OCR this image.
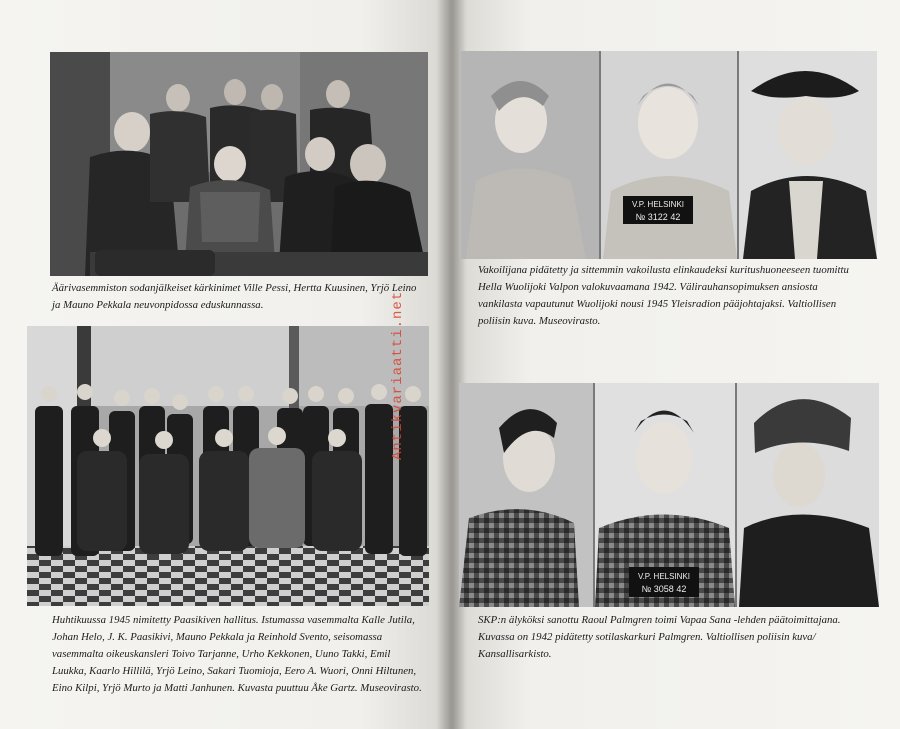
Äärivasemmiston sodanjälkeiset kärkinimet Ville Pessi, Hertta Kuusinen, Yrjö Leino ja Mauno Pekkala neuvonpidossa eduskunnassa.

Huhtikuussa 1945 nimitetty Paasikiven hallitus. Istumassa vasemmalta Kalle Jutila, Johan Helo, J. K. Paasikivi, Mauno Pekkala ja Reinhold Svento, seisomassa vasemmalta oikeuskansleri Toivo Tarjanne, Urho Kekkonen, Uuno Takki, Emil Luukka, Kaarlo Hillilä, Yrjö Leino, Sakari Tuomioja, Eero A. Wuori, Onni Hiltunen, Eino Kilpi, Yrjö Murto ja Matti Janhunen. Kuvasta puuttuu Åke Gartz. Museovirasto.

Antikvariaatti.net
V.P. HELSINKI
№ 3122 42

Vakoilijana pidätetty ja sittemmin vakoilusta elinkaudeksi kuritushuoneeseen tuomittu Hella Wuolijoki Valpon valokuvaamana 1942. Välirauhansopimuksen ansiosta vankilasta vapautunut Wuolijoki nousi 1945 Yleisradion pääjohtajaksi. Valtiollisen poliisin kuva. Museovirasto.

V.P. HELSINKI
№ 3058 42

SKP:n älyköksi sanottu Raoul Palmgren toimi Vapaa Sana -lehden päätoimittajana. Kuvassa on 1942 pidätetty sotilaskarkuri Palmgren. Valtiollisen poliisin kuva/ Kansallisarkisto.
